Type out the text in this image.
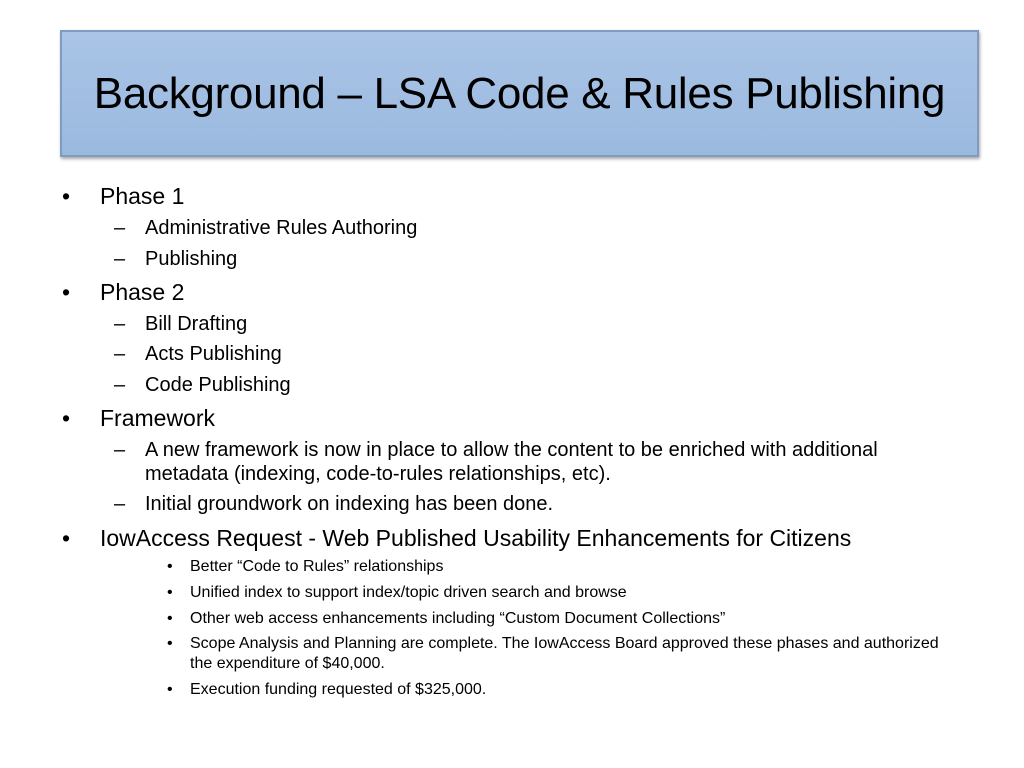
Background – LSA Code & Rules Publishing
• Phase 1
– Administrative Rules Authoring
– Publishing
• Phase 2
– Bill Drafting
– Acts Publishing
– Code Publishing
• Framework
– A new framework is now in place to allow the content to be enriched with additional metadata (indexing, code-to-rules relationships, etc).
– Initial groundwork on indexing has been done.
• IowAccess Request - Web Published Usability Enhancements for Citizens
• Better “Code to Rules” relationships
• Unified index to support index/topic driven search and browse
• Other web access enhancements including “Custom Document Collections”
• Scope Analysis and Planning are complete. The IowAccess Board approved these phases and authorized the expenditure of $40,000.
• Execution funding requested of $325,000.
